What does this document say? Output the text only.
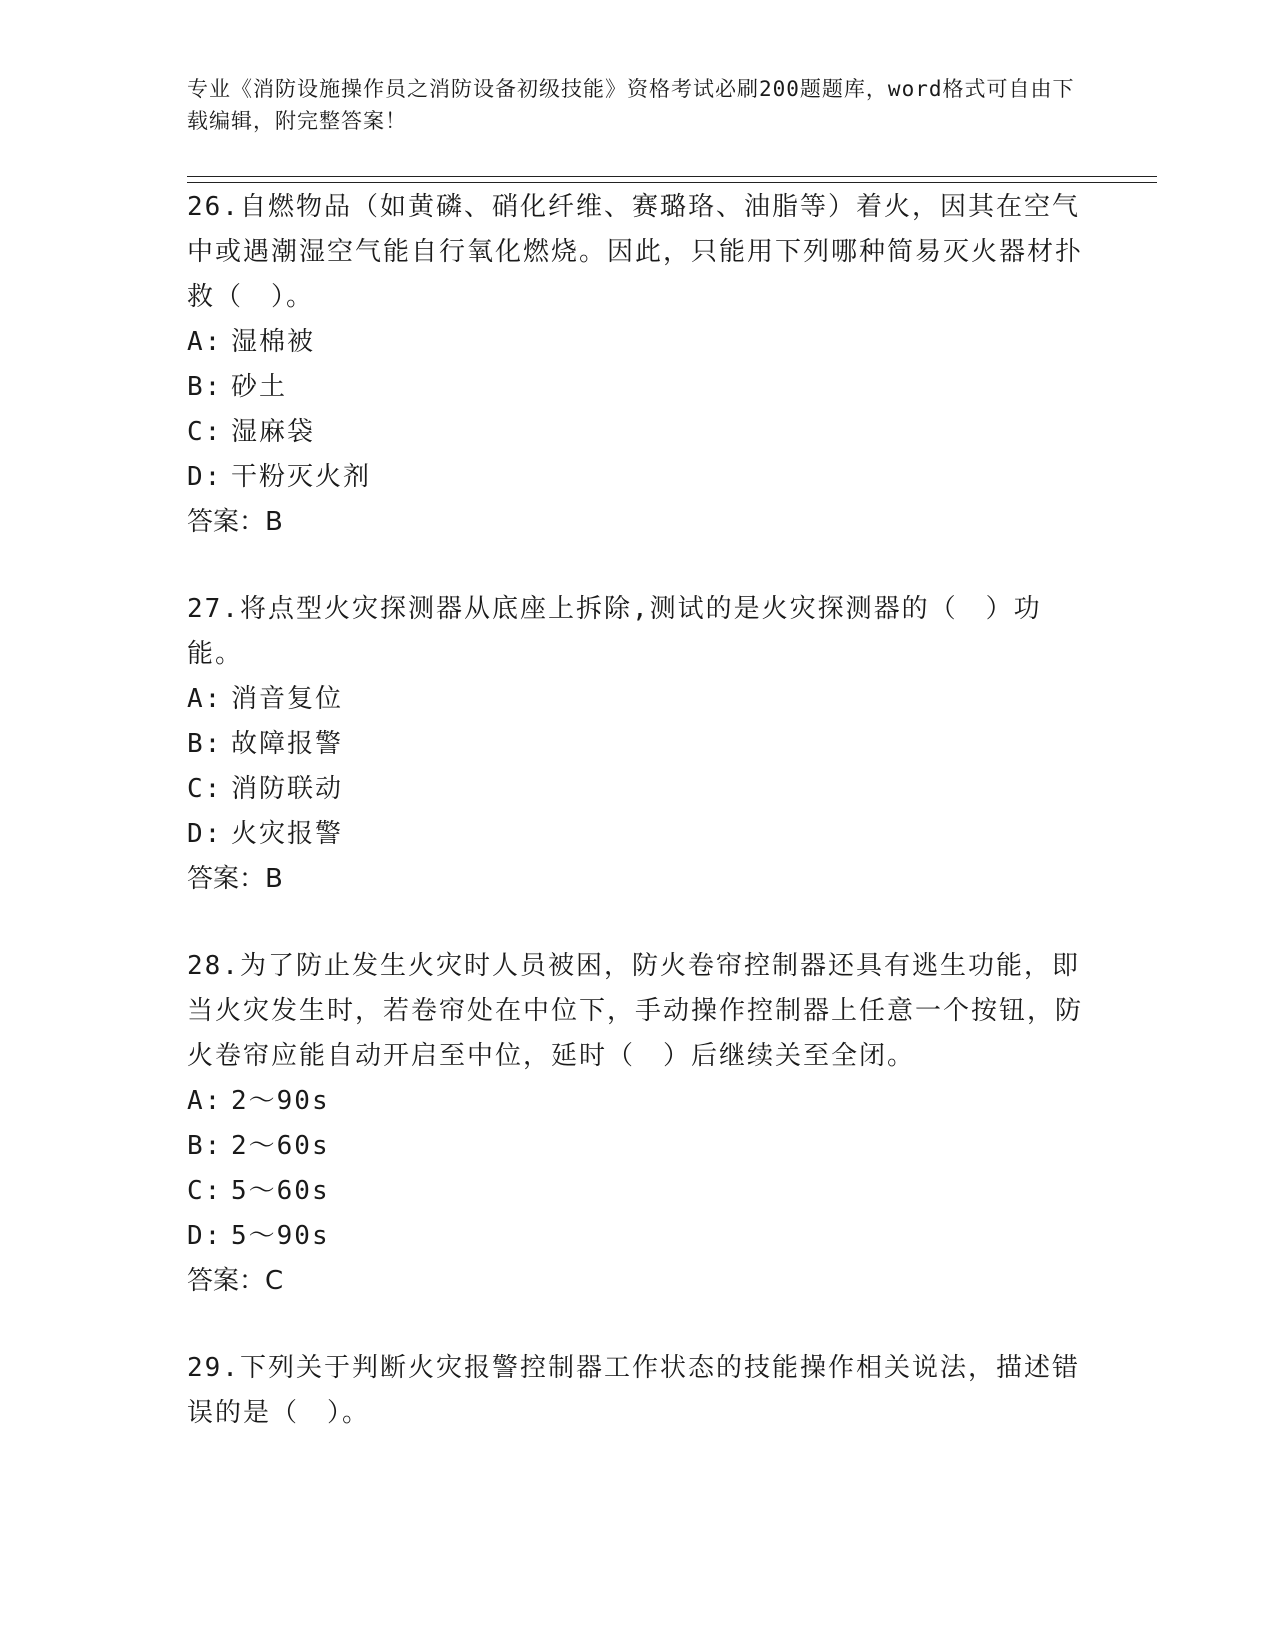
专业《消防设施操作员之消防设备初级技能》资格考试必刷200题题库，word格式可自由下载编辑，附完整答案！

26.自燃物品（如黄磷、硝化纤维、赛璐珞、油脂等）着火，因其在空气中或遇潮湿空气能自行氧化燃烧。因此，只能用下列哪种简易灭火器材扑救（　）。

A: 湿棉被

B: 砂土

C: 湿麻袋

D: 干粉灭火剂

答案：B

27.将点型火灾探测器从底座上拆除,测试的是火灾探测器的（　）功能。

A: 消音复位

B: 故障报警

C: 消防联动

D: 火灾报警

答案：B

28.为了防止发生火灾时人员被困，防火卷帘控制器还具有逃生功能，即当火灾发生时，若卷帘处在中位下，手动操作控制器上任意一个按钮，防火卷帘应能自动开启至中位，延时（　）后继续关至全闭。

A: 2～90s

B: 2～60s

C: 5～60s

D: 5～90s

答案：C

29.下列关于判断火灾报警控制器工作状态的技能操作相关说法，描述错误的是（　）。
